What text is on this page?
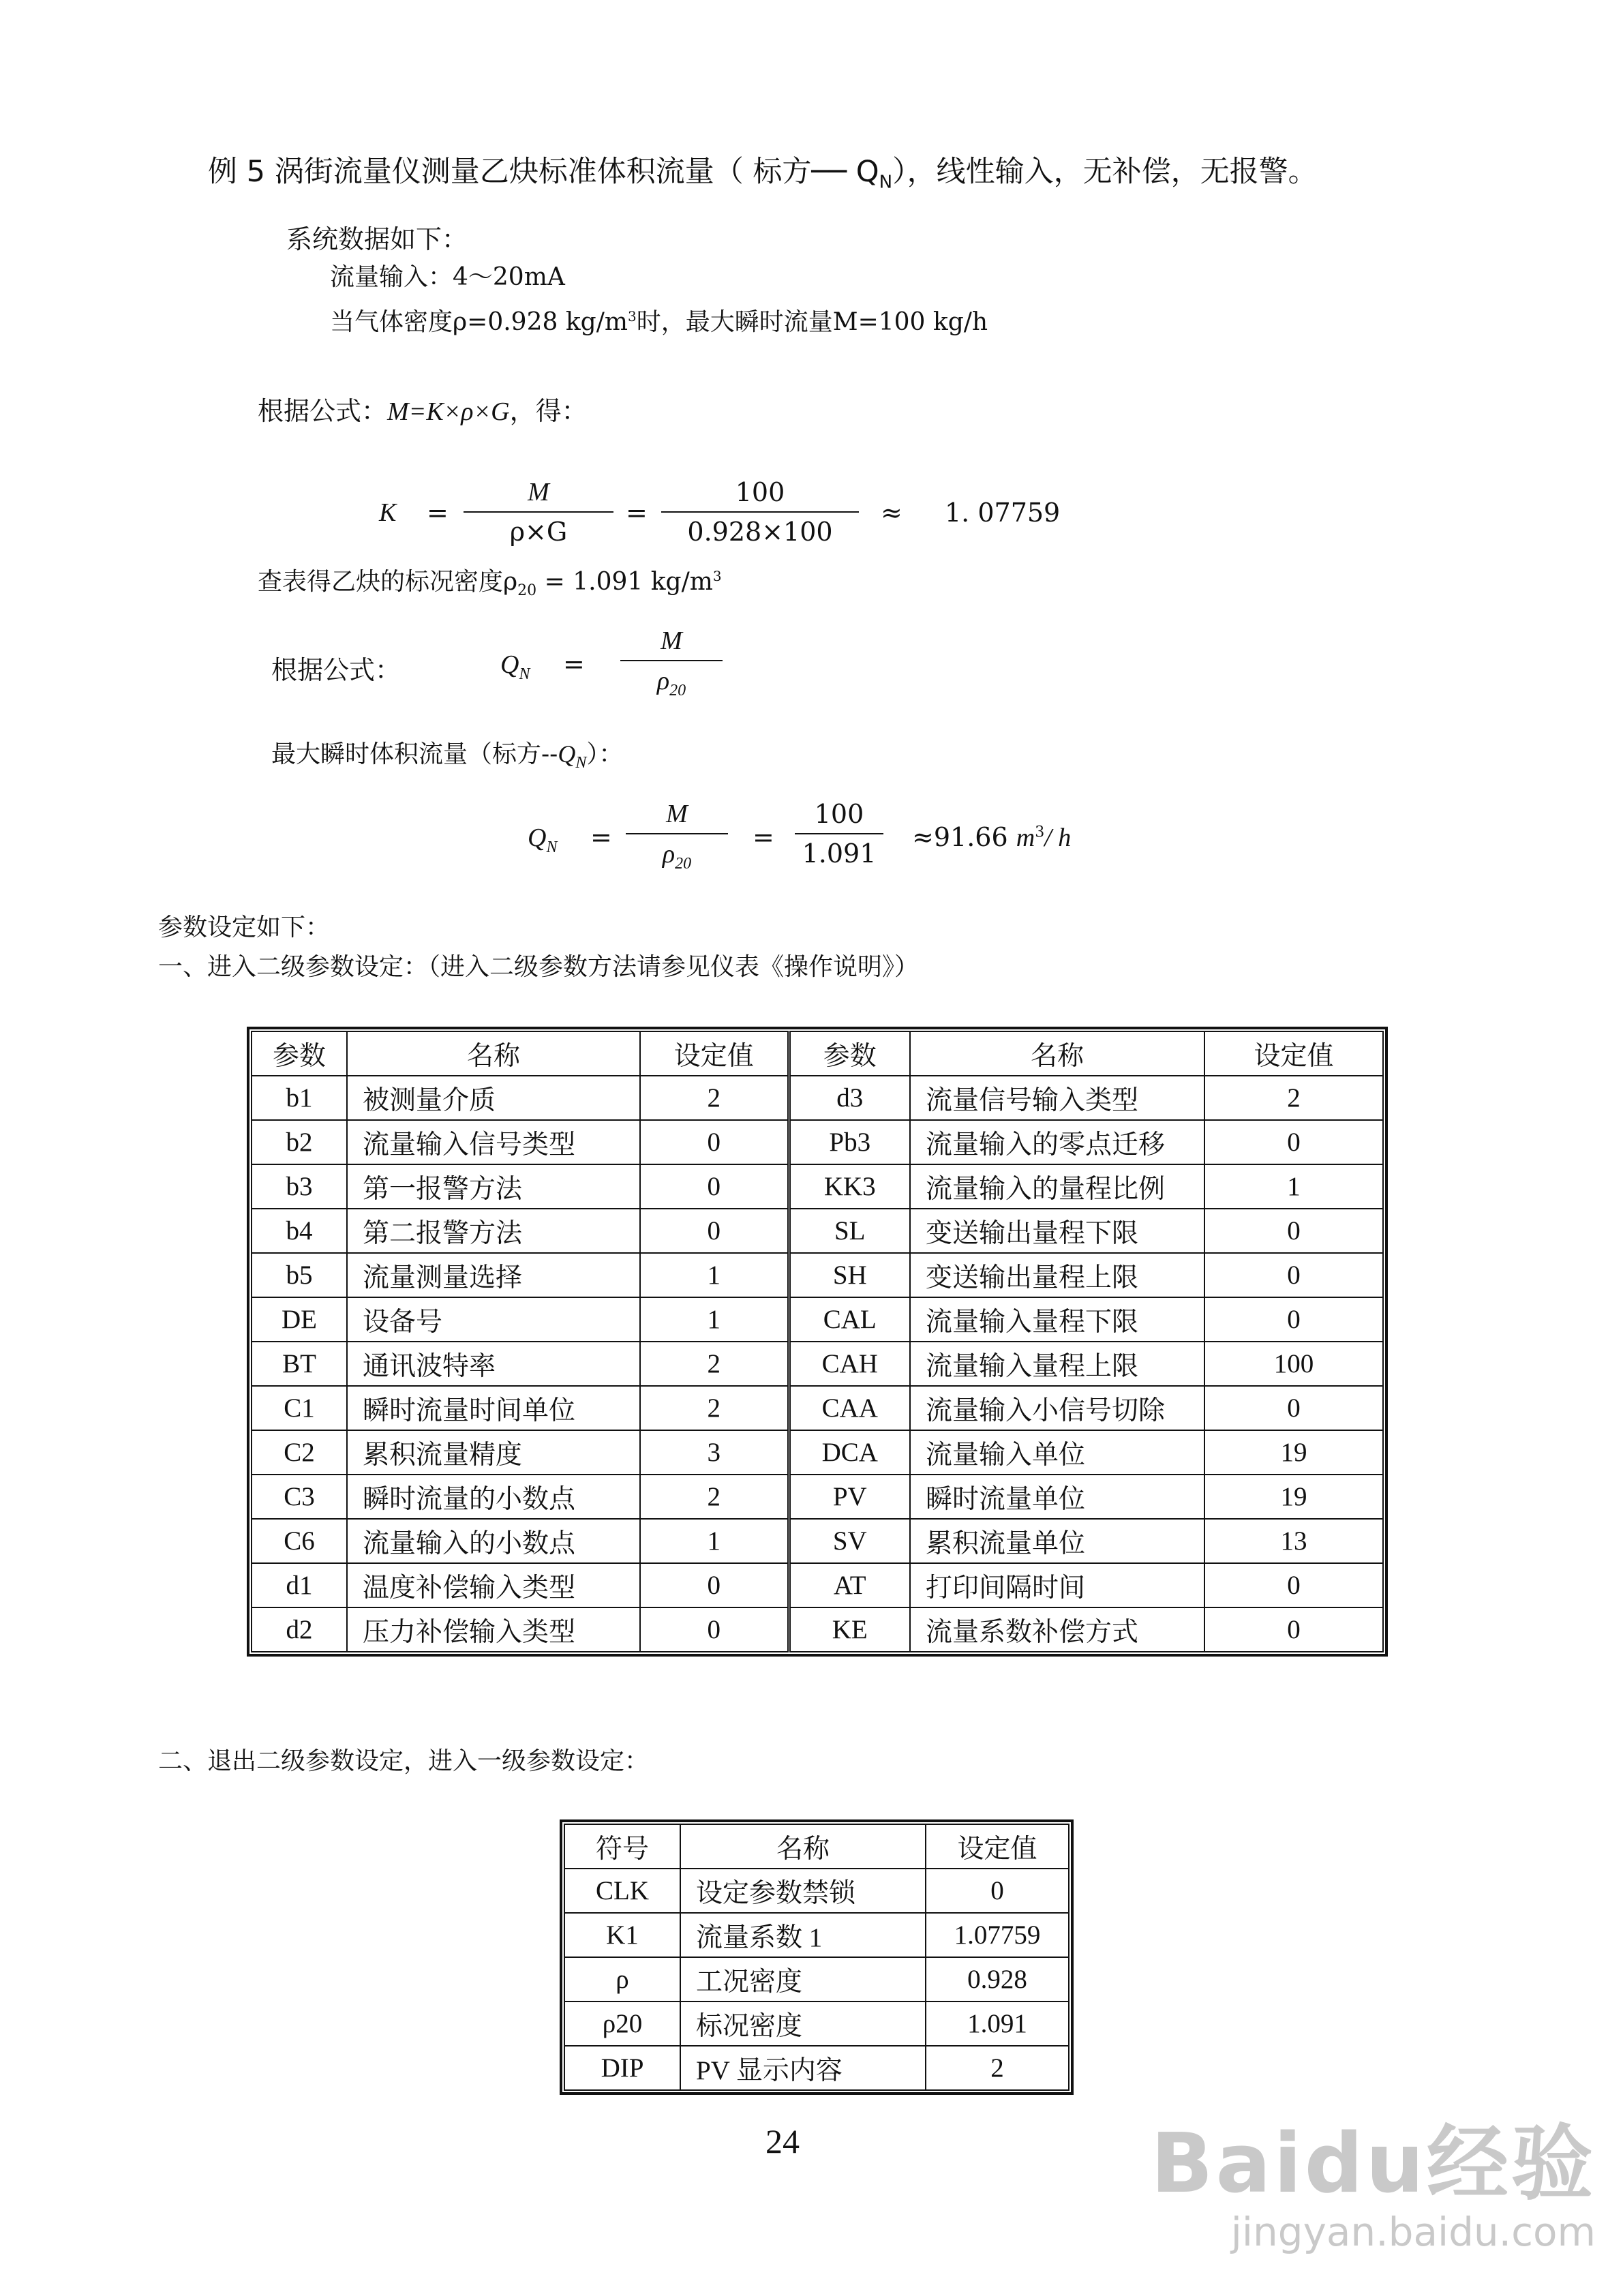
例 5 涡街流量仪测量乙炔标准体积流量（ 标方── $Q_N$），线性输入，无补偿，无报警。
系统数据如下：
流量输入：4～20mA
当气体密度ρ=0.928 $kg/m^3$时，最大瞬时流量M=100 kg/h
根据公式：M=K×ρ×G，得：
K =
M
ρ×G
=
100
0.928×100
≈ 1. 07759
查表得乙炔的标况密度$\rho_{20} = 1.091$ $kg/m^3$
根据公式：	$Q_N$ =
M
$\rho_{20}$
最大瞬时体积流量（标方$--Q_N$）：
$Q_N$ =
M
$\rho_{20}$
=
100
1.091
≈91.66 $m^3/$ h
参数设定如下：
一、进入二级参数设定：（进入二级参数方法请参见仪表《操作说明》）
参数	名称	设定值	参数	名称	设定值
b1	被测量介质	2	d3	流量信号输入类型	2
b2	流量输入信号类型	0	Pb3	流量输入的零点迁移	0
b3	第一报警方法	0	KK3	流量输入的量程比例	1
b4	第二报警方法	0	SL	变送输出量程下限	0
b5	流量测量选择	1	SH	变送输出量程上限	0
DE	设备号	1	CAL	流量输入量程下限	0
BT	通讯波特率	2	CAH	流量输入量程上限	100
C1	瞬时流量时间单位	2	CAA	流量输入小信号切除	0
C2	累积流量精度	3	DCA	流量输入单位	19
C3	瞬时流量的小数点	2	PV	瞬时流量单位	19
C6	流量输入的小数点	1	SV	累积流量单位	13
d1	温度补偿输入类型	0	AT	打印间隔时间	0
d2	压力补偿输入类型	0	KE	流量系数补偿方式	0
二、退出二级参数设定，进入一级参数设定：
符号	名称	设定值
CLK	设定参数禁锁	0
K1	流量系数 1	1.07759
ρ	工况密度	0.928
ρ20	标况密度	1.091
DIP	PV 显示内容	2
24	Baidu经验
jingyan.baidu.com
